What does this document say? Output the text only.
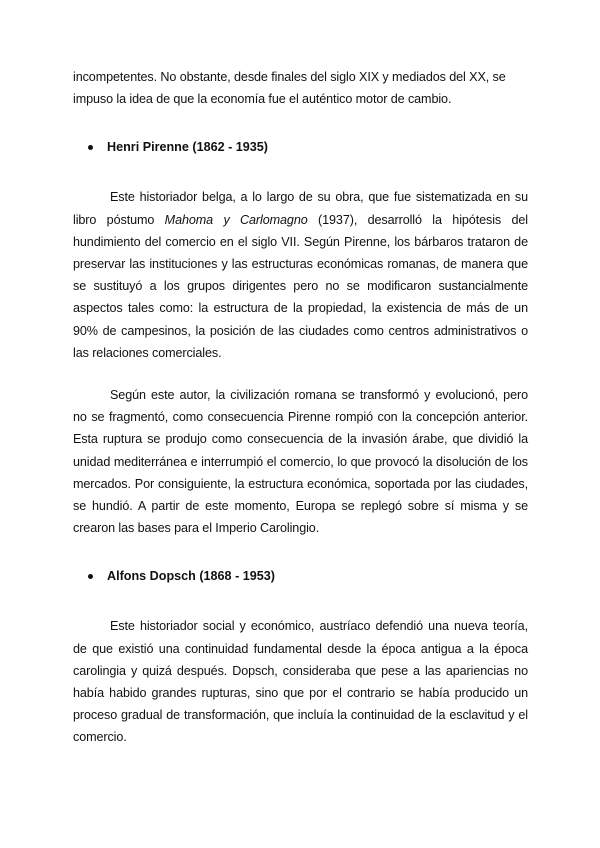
incompetentes. No obstante, desde finales del siglo XIX y mediados del XX, se impuso la idea de que la economía fue el auténtico motor de cambio.

Henri Pirenne (1862 - 1935)

Este historiador belga, a lo largo de su obra, que fue sistematizada en su libro póstumo Mahoma y Carlomagno (1937), desarrolló la hipótesis del hundimiento del comercio en el siglo VII. Según Pirenne, los bárbaros trataron de preservar las instituciones y las estructuras económicas romanas, de manera que se sustituyó a los grupos dirigentes pero no se modificaron sustancialmente aspectos tales como: la estructura de la propiedad, la existencia de más de un 90% de campesinos, la posición de las ciudades como centros administrativos o las relaciones comerciales.

Según este autor, la civilización romana se transformó y evolucionó, pero no se fragmentó, como consecuencia Pirenne rompió con la concepción anterior. Esta ruptura se produjo como consecuencia de la invasión árabe, que dividió la unidad mediterránea e interrumpió el comercio, lo que provocó la disolución de los mercados. Por consiguiente, la estructura económica, soportada por las ciudades, se hundió. A partir de este momento, Europa se replegó sobre sí misma y se crearon las bases para el Imperio Carolingio.

Alfons Dopsch (1868 - 1953)

Este historiador social y económico, austríaco defendió una nueva teoría, de que existió una continuidad fundamental desde la época antigua a la época carolingia y quizá después. Dopsch, consideraba que pese a las apariencias no había habido grandes rupturas, sino que por el contrario se había producido un proceso gradual de transformación, que incluía la continuidad de la esclavitud y el comercio.
